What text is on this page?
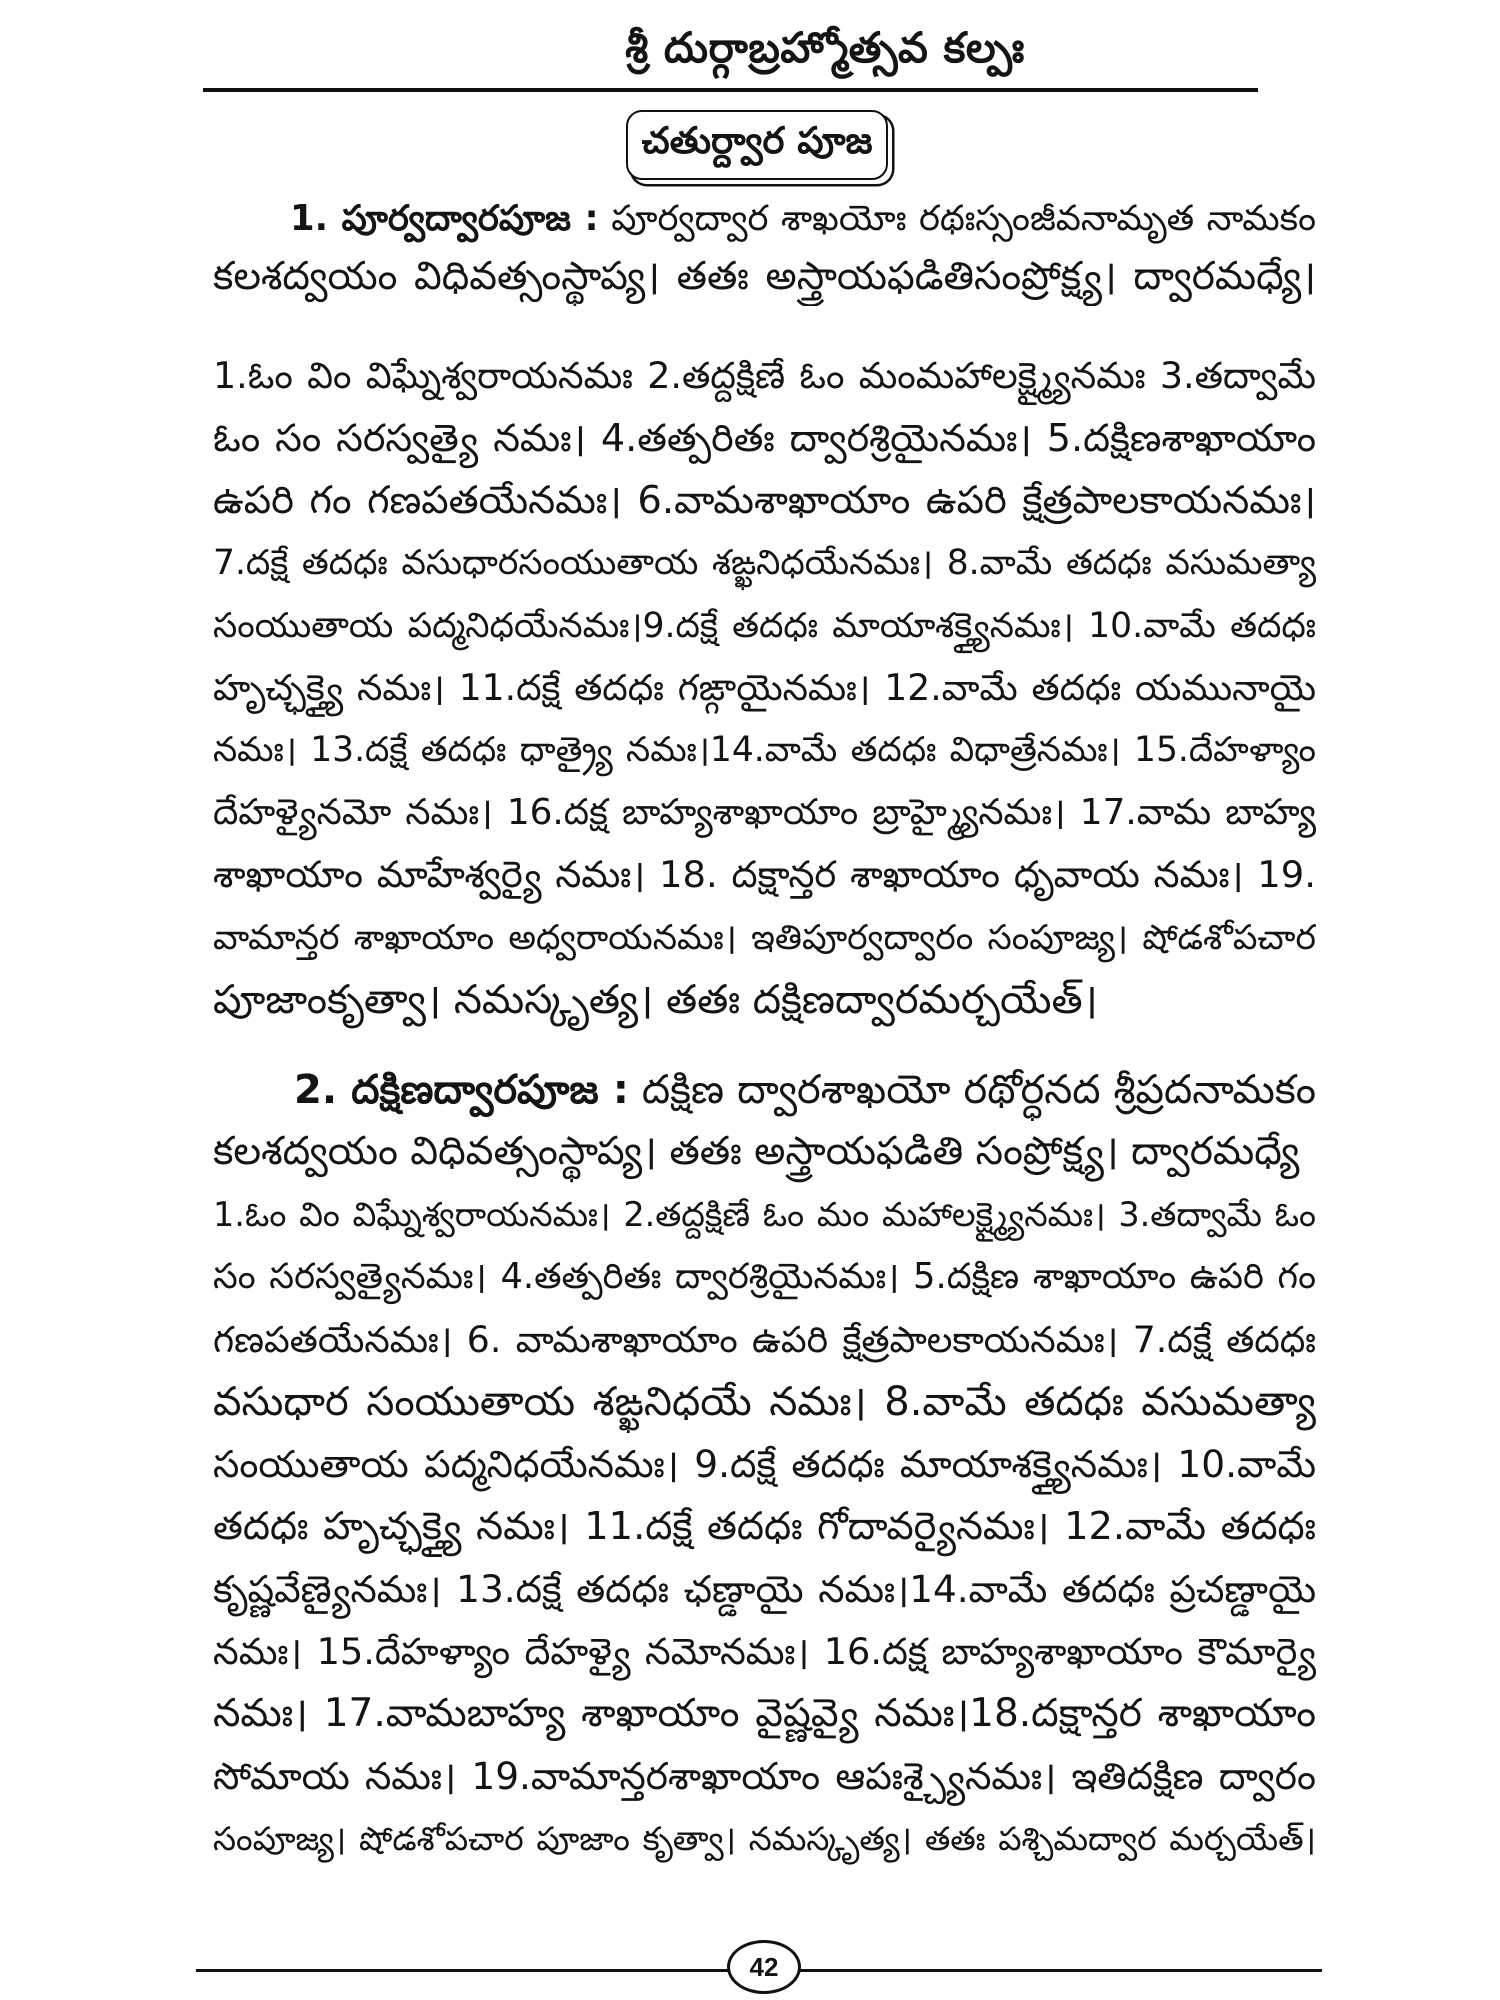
శ్రీ దుర్గాబ్రహ్మోత్సవ కల్పః
చతుర్ద్వార పూజ
1. పూర్వద్వారపూజ : పూర్వద్వార శాఖయోః రథఃస్సంజీవనామృత నామకం
కలశద్వయం విధివత్సంస్థాప్య। తతః అస్త్రాయఫడితిసంప్రోక్ష్య। ద్వారమధ్యే।
1.ఓం విం విఘ్నేశ్వరాయనమః 2.తద్దక్షిణే ఓం మంమహాలక్ష్మ్యైనమః 3.తద్వామే
ఓం సం సరస్వత్యై నమః। 4.తత్పరితః ద్వారశ్రియైనమః। 5.దక్షిణశాఖాయాం
ఉపరి గం గణపతయేనమః। 6.వామశాఖాయాం ఉపరి క్షేత్రపాలకాయనమః।
7.దక్షే తదధః వసుధారసంయుతాయ శఙ్ఖనిధయేనమః। 8.వామే తదధః వసుమత్యా
సంయుతాయ పద్మనిధయేనమః।9.దక్షే తదధః మాయాశక్త్యైనమః। 10.వామే తదధః
హృచ్ఛక్త్యై నమః। 11.దక్షే తదధః గఙ్గాయైనమః। 12.వామే తదధః యమునాయై
నమః। 13.దక్షే తదధః ధాత్ర్యై నమః।14.వామే తదధః విధాత్రేనమః। 15.దేహళ్యాం
దేహళ్యైనమో నమః। 16.దక్ష బాహ్యశాఖాయాం బ్రాహ్మ్యైనమః। 17.వామ బాహ్య
శాఖాయాం మాహేశ్వర్యై నమః। 18. దక్షాన్తర శాఖాయాం ధృవాయ నమః। 19.
వామాన్తర శాఖాయాం అధ్వరాయనమః। ఇతిపూర్వద్వారం సంపూజ్య। షోడశోపచార
పూజాంకృత్వా। నమస్కృత్య। తతః దక్షిణద్వారమర్చయేత్।
2. దక్షిణద్వారపూజ : దక్షిణ ద్వారశాఖయో రథోర్ధనద శ్రీప్రదనామకం
కలశద్వయం విధివత్సంస్థాప్య। తతః అస్త్రాయఫడితి సంప్రోక్ష్య। ద్వారమధ్యే
1.ఓం విం విఘ్నేశ్వరాయనమః। 2.తద్దక్షిణే ఓం మం మహాలక్ష్మ్యైనమః। 3.తద్వామే ఓం
సం సరస్వత్యైనమః। 4.తత్పరితః ద్వారశ్రియైనమః। 5.దక్షిణ శాఖాయాం ఉపరి గం
గణపతయేనమః। 6. వామశాఖాయాం ఉపరి క్షేత్రపాలకాయనమః। 7.దక్షే తదధః
వసుధార సంయుతాయ శఙ్ఖనిధయే నమః। 8.వామే తదధః వసుమత్యా
సంయుతాయ పద్మనిధయేనమః। 9.దక్షే తదధః మాయాశక్త్యైనమః। 10.వామే
తదధః హృచ్ఛక్త్యై నమః। 11.దక్షే తదధః గోదావర్యైనమః। 12.వామే తదధః
కృష్ణవేణ్యైనమః। 13.దక్షే తదధః ఛణ్డాయై నమః।14.వామే తదధః ప్రచణ్డాయై
నమః। 15.దేహళ్యాం దేహళ్యై నమోనమః। 16.దక్ష బాహ్యశాఖాయాం కౌమార్యై
నమః। 17.వామబాహ్య శాఖాయాం వైష్ణవ్యై నమః।18.దక్షాన్తర శాఖాయాం
సోమాయ నమః। 19.వామాన్తరశాఖాయాం ఆపఃశ్చ్యైనమః। ఇతిదక్షిణ ద్వారం
సంపూజ్య। షోడశోపచార పూజాం కృత్వా। నమస్కృత్య। తతః పశ్చిమద్వార మర్చయేత్।
42
